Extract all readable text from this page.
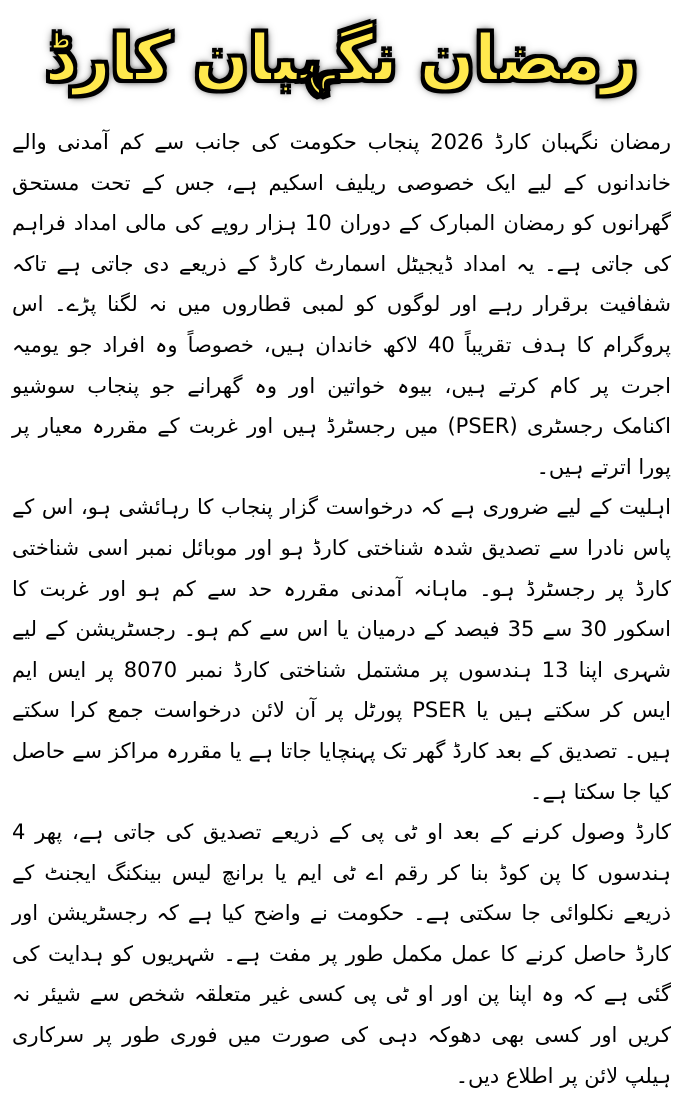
رمضان نگہبان کارڈ

رمضان نگہبان کارڈ 2026 پنجاب حکومت کی جانب سے کم آمدنی والے خاندانوں کے لیے ایک خصوصی ریلیف اسکیم ہے، جس کے تحت مستحق گھرانوں کو رمضان المبارک کے دوران 10 ہزار روپے کی مالی امداد فراہم کی جاتی ہے۔ یہ امداد ڈیجیٹل اسمارٹ کارڈ کے ذریعے دی جاتی ہے تاکہ شفافیت برقرار رہے اور لوگوں کو لمبی قطاروں میں نہ لگنا پڑے۔ اس پروگرام کا ہدف تقریباً 40 لاکھ خاندان ہیں، خصوصاً وہ افراد جو یومیہ اجرت پر کام کرتے ہیں، بیوہ خواتین اور وہ گھرانے جو پنجاب سوشیو اکنامک رجسٹری (PSER) میں رجسٹرڈ ہیں اور غربت کے مقررہ معیار پر پورا اترتے ہیں۔

اہلیت کے لیے ضروری ہے کہ درخواست گزار پنجاب کا رہائشی ہو، اس کے پاس نادرا سے تصدیق شدہ شناختی کارڈ ہو اور موبائل نمبر اسی شناختی کارڈ پر رجسٹرڈ ہو۔ ماہانہ آمدنی مقررہ حد سے کم ہو اور غربت کا اسکور 30 سے 35 فیصد کے درمیان یا اس سے کم ہو۔ رجسٹریشن کے لیے شہری اپنا 13 ہندسوں پر مشتمل شناختی کارڈ نمبر 8070 پر ایس ایم ایس کر سکتے ہیں یا PSER پورٹل پر آن لائن درخواست جمع کرا سکتے ہیں۔ تصدیق کے بعد کارڈ گھر تک پہنچایا جاتا ہے یا مقررہ مراکز سے حاصل کیا جا سکتا ہے۔

کارڈ وصول کرنے کے بعد او ٹی پی کے ذریعے تصدیق کی جاتی ہے، پھر 4 ہندسوں کا پن کوڈ بنا کر رقم اے ٹی ایم یا برانچ لیس بینکنگ ایجنٹ کے ذریعے نکلوائی جا سکتی ہے۔ حکومت نے واضح کیا ہے کہ رجسٹریشن اور کارڈ حاصل کرنے کا عمل مکمل طور پر مفت ہے۔ شہریوں کو ہدایت کی گئی ہے کہ وہ اپنا پن اور او ٹی پی کسی غیر متعلقہ شخص سے شیئر نہ کریں اور کسی بھی دھوکہ دہی کی صورت میں فوری طور پر سرکاری ہیلپ لائن پر اطلاع دیں۔
